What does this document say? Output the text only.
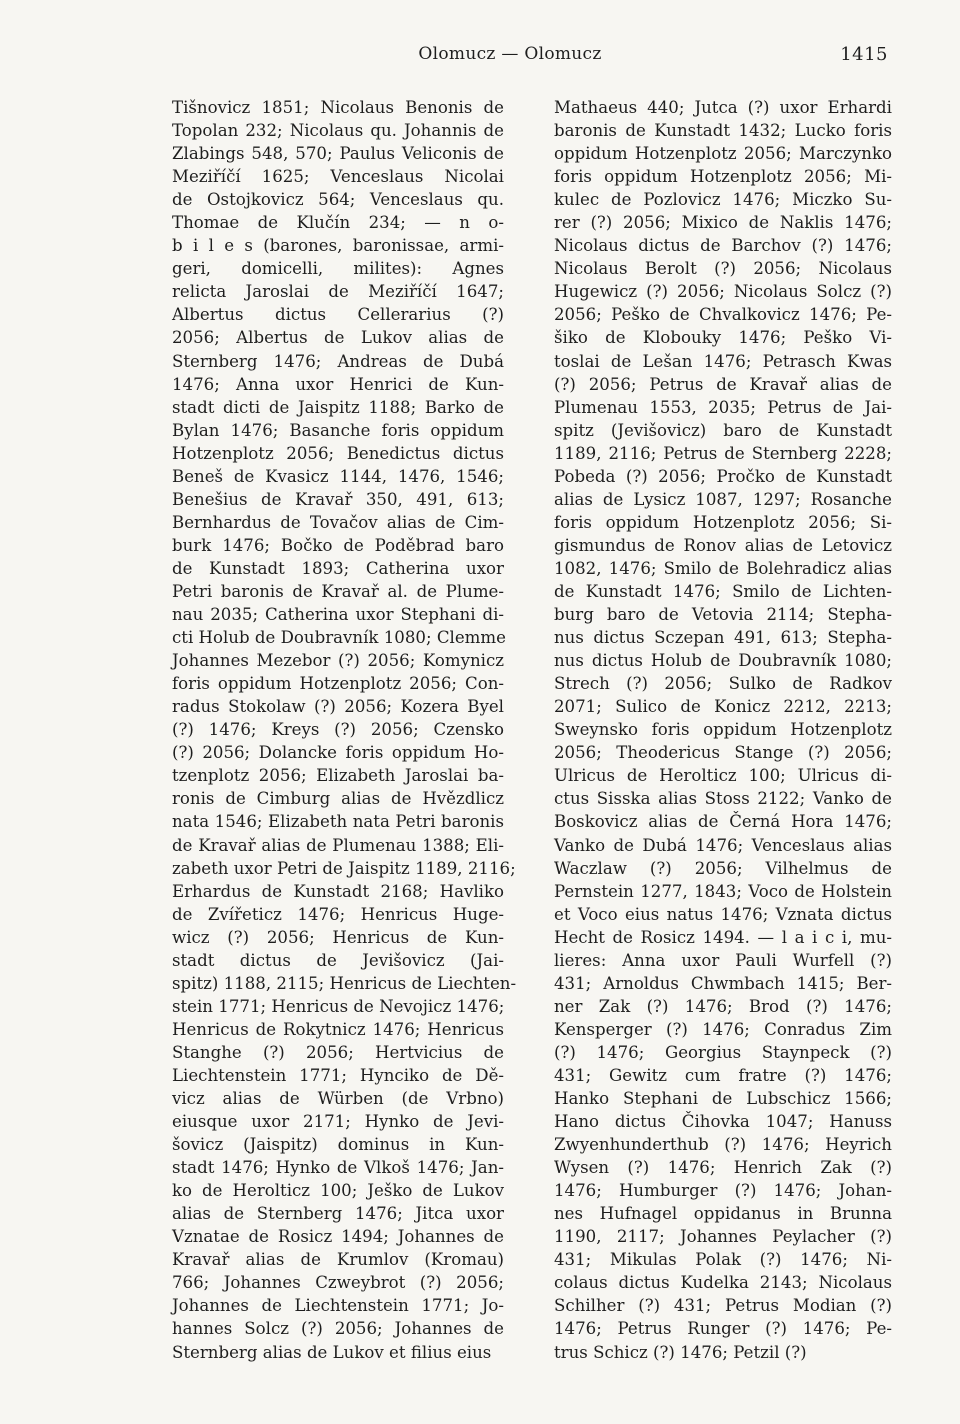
Olomucz — Olomucz	1415
Tišnovicz 1851; Nicolaus Benonis de
Topolan 232; Nicolaus qu. Johannis de
Zlabings 548, 570; Paulus Veliconis de
Meziříčí 1625; Venceslaus Nicolai
de Ostojkovicz 564; Venceslaus qu.
Thomae de Klučín 234; — n o-
b i l e s (barones, baronissae, armi-
geri, domicelli, milites): Agnes
relicta Jaroslai de Meziříčí 1647;
Albertus dictus Cellerarius (?)
2056; Albertus de Lukov alias de
Sternberg 1476; Andreas de Dubá
1476; Anna uxor Henrici de Kun-
stadt dicti de Jaispitz 1188; Barko de
Bylan 1476; Basanche foris oppidum
Hotzenplotz 2056; Benedictus dictus
Beneš de Kvasicz 1144, 1476, 1546;
Benešius de Kravař 350, 491, 613;
Bernhardus de Tovačov alias de Cim-
burk 1476; Bočko de Poděbrad baro
de Kunstadt 1893; Catherina uxor
Petri baronis de Kravař al. de Plume-
nau 2035; Catherina uxor Stephani di-
cti Holub de Doubravník 1080; Clemme
Johannes Mezebor (?) 2056; Komynicz
foris oppidum Hotzenplotz 2056; Con-
radus Stokolaw (?) 2056; Kozera Byel
(?) 1476; Kreys (?) 2056; Czensko
(?) 2056; Dolancke foris oppidum Ho-
tzenplotz 2056; Elizabeth Jaroslai ba-
ronis de Cimburg alias de Hvězdlicz
nata 1546; Elizabeth nata Petri baronis
de Kravař alias de Plumenau 1388; Eli-
zabeth uxor Petri de Jaispitz 1189, 2116;
Erhardus de Kunstadt 2168; Havliko
de Zvířeticz 1476; Henricus Huge-
wicz (?) 2056; Henricus de Kun-
stadt dictus de Jevišovicz (Jai-
spitz) 1188, 2115; Henricus de Liechten-
stein 1771; Henricus de Nevojicz 1476;
Henricus de Rokytnicz 1476; Henricus
Stanghe (?) 2056; Hertvicius de
Liechtenstein 1771; Hynciko de Dě-
vicz alias de Würben (de Vrbno)
eiusque uxor 2171; Hynko de Jevi-
šovicz (Jaispitz) dominus in Kun-
stadt 1476; Hynko de Vlkoš 1476; Jan-
ko de Heroltiсz 100; Ješko de Lukov
alias de Sternberg 1476; Jitca uxor
Vznatae de Rosicz 1494; Johannes de
Kravař alias de Krumlov (Kromau)
766; Johannes Czweybrot (?) 2056;
Johannes de Liechtenstein 1771; Jo-
hannes Solcz (?) 2056; Johannes de
Sternberg alias de Lukov et filius eius
Mathaeus 440; Jutca (?) uxor Erhardi
baronis de Kunstadt 1432; Lucko foris
oppidum Hotzenplotz 2056; Marczynko
foris oppidum Hotzenplotz 2056; Mi-
kulec de Pozlovicz 1476; Miczko Su-
rer (?) 2056; Mixico de Naklis 1476;
Nicolaus dictus de Barchov (?) 1476;
Nicolaus Berolt (?) 2056; Nicolaus
Hugewicz (?) 2056; Nicolaus Solcz (?)
2056; Peško de Chvalkovicz 1476; Pe-
šiko de Klobouky 1476; Peško Vi-
toslai de Lešan 1476; Petrasch Kwas
(?) 2056; Petrus de Kravař alias de
Plumenau 1553, 2035; Petrus de Jai-
spitz (Jevišovicz) baro de Kunstadt
1189, 2116; Petrus de Sternberg 2228;
Pobeda (?) 2056; Pročko de Kunstadt
alias de Lysicz 1087, 1297; Rosanche
foris oppidum Hotzenplotz 2056; Si-
gismundus de Ronov alias de Letovicz
1082, 1476; Smilo de Bolehradicz alias
de Kunstadt 1476; Smilo de Lichten-
burg baro de Vetovia 2114; Stepha-
nus dictus Sczepan 491, 613; Stepha-
nus dictus Holub de Doubravník 1080;
Strech (?) 2056; Sulko de Radkov
2071; Sulico de Konicz 2212, 2213;
Sweynsko foris oppidum Hotzenplotz
2056; Theodericus Stange (?) 2056;
Ulricus de Heroltiсz 100; Ulricus di-
ctus Sisska alias Stoss 2122; Vanko de
Boskovicz alias de Černá Hora 1476;
Vanko de Dubá 1476; Venceslaus alias
Waczlaw (?) 2056; Vilhelmus de
Pernstein 1277, 1843; Voco de Holstein
et Voco eius natus 1476; Vznata dictus
Hecht de Rosicz 1494. — l a i c i, mu-
lieres: Anna uxor Pauli Wurfell (?)
431; Arnoldus Chwmbach 1415; Ber-
ner Zak (?) 1476; Brod (?) 1476;
Kensperger (?) 1476; Conradus Zim
(?) 1476; Georgius Staynpeck (?)
431; Gewitz cum fratre (?) 1476;
Hanko Stephani de Lubschicz 1566;
Hano dictus Čihovka 1047; Hanuss
Zwyenhunderthub (?) 1476; Heyrich
Wysen (?) 1476; Henrich Zak (?)
1476; Humburger (?) 1476; Johan-
nes Hufnagel oppidanus in Brunna
1190, 2117; Johannes Peylacher (?)
431; Mikulas Polak (?) 1476; Ni-
colaus dictus Kudelka 2143; Nicolaus
Schilher (?) 431; Petrus Modian (?)
1476; Petrus Runger (?) 1476; Pe-
trus Schicz (?) 1476; Petzil (?)
